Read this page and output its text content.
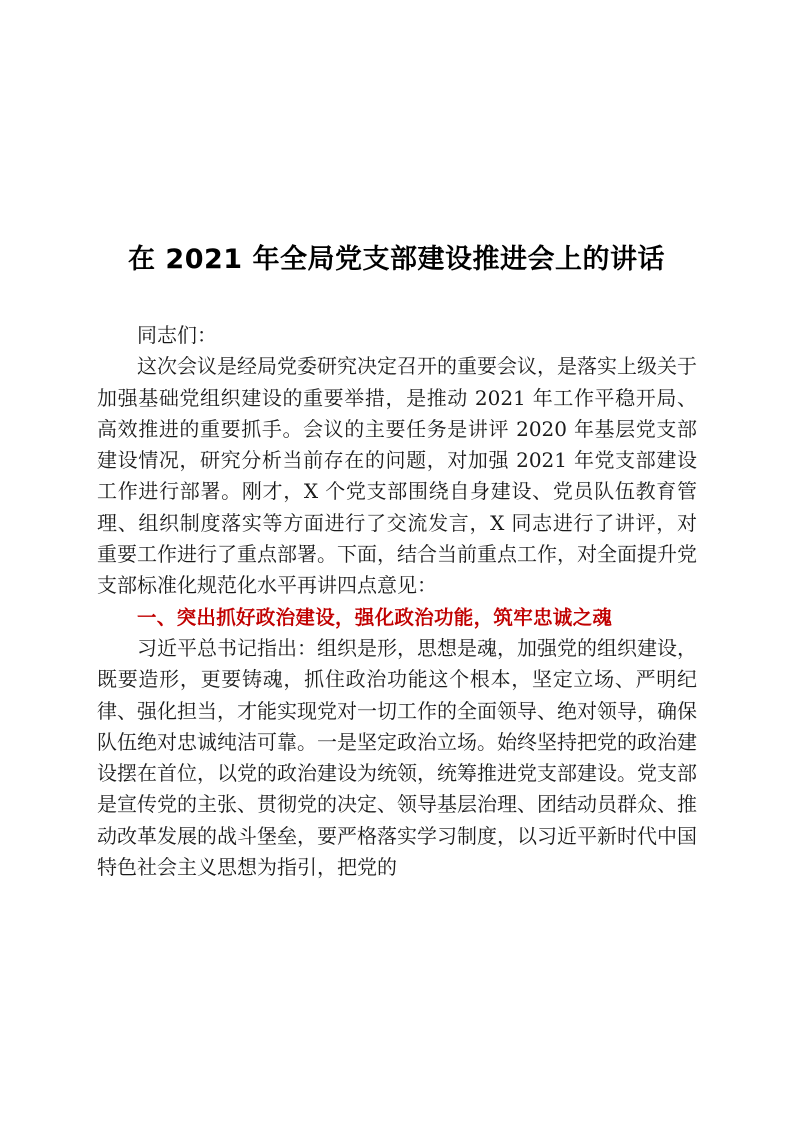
在 2021 年全局党支部建设推进会上的讲话

同志们：

这次会议是经局党委研究决定召开的重要会议，是落实上级关于加强基础党组织建设的重要举措，是推动 2021 年工作平稳开局、高效推进的重要抓手。会议的主要任务是讲评 2020 年基层党支部建设情况，研究分析当前存在的问题，对加强 2021 年党支部建设工作进行部署。刚才，X 个党支部围绕自身建设、党员队伍教育管理、组织制度落实等方面进行了交流发言，X 同志进行了讲评，对重要工作进行了重点部署。下面，结合当前重点工作，对全面提升党支部标准化规范化水平再讲四点意见：

一、突出抓好政治建设，强化政治功能，筑牢忠诚之魂

习近平总书记指出：组织是形，思想是魂，加强党的组织建设，既要造形，更要铸魂，抓住政治功能这个根本，坚定立场、严明纪律、强化担当，才能实现党对一切工作的全面领导、绝对领导，确保队伍绝对忠诚纯洁可靠。一是坚定政治立场。始终坚持把党的政治建设摆在首位，以党的政治建设为统领，统筹推进党支部建设。党支部是宣传党的主张、贯彻党的决定、领导基层治理、团结动员群众、推动改革发展的战斗堡垒，要严格落实学习制度，以习近平新时代中国特色社会主义思想为指引，把党的
